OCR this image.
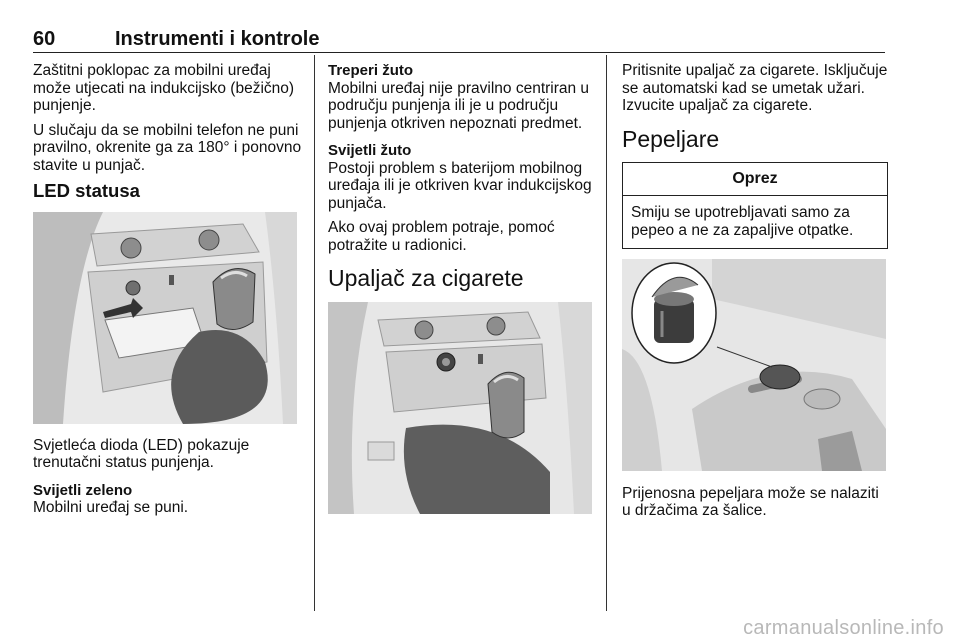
60	Instrumenti i kontrole

Zaštitni poklopac za mobilni uređaj može utjecati na indukcijsko (bežično) punjenje.

U slučaju da se mobilni telefon ne puni pravilno, okrenite ga za 180° i ponovno stavite u punjač.

LED statusa

Svjetleća dioda (LED) pokazuje trenutačni status punjenja.

Svijetli zeleno

Mobilni uređaj se puni.

Treperi žuto

Mobilni uređaj nije pravilno centriran u području punjenja ili je u području punjenja otkriven nepoznati predmet.

Svijetli žuto

Postoji problem s baterijom mobilnog uređaja ili je otkriven kvar indukcijskog punjača.

Ako ovaj problem potraje, pomoć potražite u radionici.

Upaljač za cigarete

Pritisnite upaljač za cigarete. Isključuje se automatski kad se umetak užari. Izvucite upaljač za cigarete.

Pepeljare
Oprez
Smiju se upotrebljavati samo za pepeo a ne za zapaljive otpatke.

Prijenosna pepeljara može se nalaziti u držačima za šalice.

carmanualsonline.info
